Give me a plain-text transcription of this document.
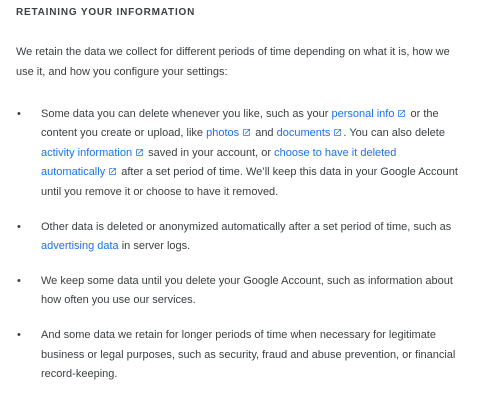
RETAINING YOUR INFORMATION
We retain the data we collect for different periods of time depending on what it is, how we use it, and how you configure your settings:
• Some data you can delete whenever you like, such as your personal info
or the content you create or upload, like photos
and documents . You can also delete activity information
saved in your account, or choose to have it deleted automatically
after a set period of time. We’ll keep this data in your Google Account until you remove it or choose to have it removed.
• Other data is deleted or anonymized automatically after a set period of time, such as advertising data in server logs.
• We keep some data until you delete your Google Account, such as information about how often you use our services.
• And some data we retain for longer periods of time when necessary for legitimate business or legal purposes, such as security, fraud and abuse prevention, or financial record-keeping.
